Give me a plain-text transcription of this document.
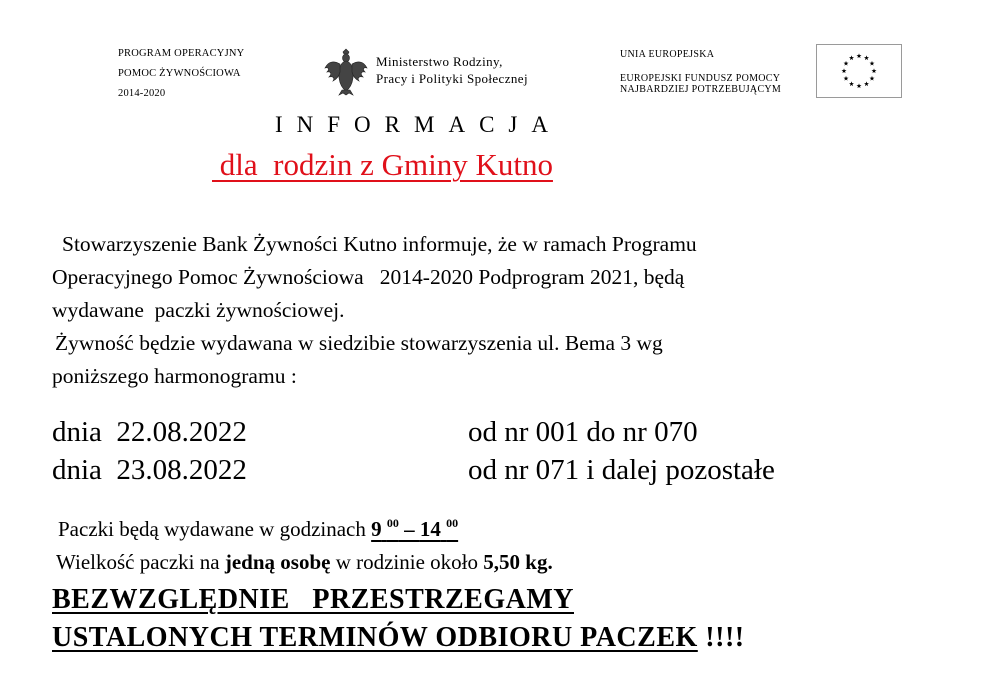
PROGRAM OPERACYJNY
POMOC ŻYWNOŚCIOWA
2014-2020
Ministerstwo Rodziny,
Pracy i Polityki Społecznej
UNIA EUROPEJSKA
EUROPEJSKI FUNDUSZ POMOCY
NAJBARDZIEJ POTRZEBUJĄCYM
INFORMACJA
dla  rodzin z Gminy Kutno
Stowarzyszenie Bank Żywności Kutno informuje, że w ramach Programu
Operacyjnego Pomoc Żywnościowa   2014-2020 Podprogram 2021, będą
wydawane  paczki żywnościowej.
Żywność będzie wydawana w siedzibie stowarzyszenia ul. Bema 3 wg
poniższego harmonogramu :
dnia  22.08.2022	od nr 001 do nr 070
dnia  23.08.2022	od nr 071 i dalej pozostałe
Paczki będą wydawane w godzinach 9 $^{00}$ – 14 $^{00}$
Wielkość paczki na jedną osobę w rodzinie około 5,50 kg.
BEZWZGLĘDNIE   PRZESTRZEGAMY
USTALONYCH TERMINÓW ODBIORU PACZEK !!!!
